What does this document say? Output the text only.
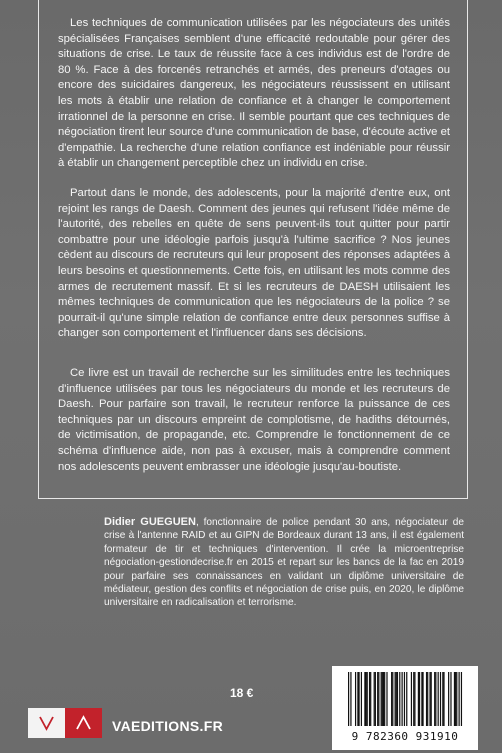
Les techniques de communication utilisées par les négociateurs des unités spécialisées Françaises semblent d'une efficacité redoutable pour gérer des situations de crise. Le taux de réussite face à ces individus est de l'ordre de 80 %. Face à des forcenés retranchés et armés, des preneurs d'otages ou encore des suicidaires dangereux, les négociateurs réussissent en utilisant les mots à établir une relation de confiance et à changer le comportement irrationnel de la personne en crise. Il semble pourtant que ces techniques de négociation tirent leur source d'une communication de base, d'écoute active et d'empathie. La recherche d'une relation confiance est indéniable pour réussir à établir un changement perceptible chez un individu en crise.

Partout dans le monde, des adolescents, pour la majorité d'entre eux, ont rejoint les rangs de Daesh. Comment des jeunes qui refusent l'idée même de l'autorité, des rebelles en quête de sens peuvent-ils tout quitter pour partir combattre pour une idéologie parfois jusqu'à l'ultime sacrifice ? Nos jeunes cèdent au discours de recruteurs qui leur proposent des réponses adaptées à leurs besoins et questionnements. Cette fois, en utilisant les mots comme des armes de recrutement massif. Et si les recruteurs de DAESH utilisaient les mêmes techniques de communication que les négociateurs de la police ? se pourrait-il qu'une simple relation de confiance entre deux personnes suffise à changer son comportement et l'influencer dans ses décisions.

Ce livre est un travail de recherche sur les similitudes entre les techniques d'influence utilisées par tous les négociateurs du monde et les recruteurs de Daesh. Pour parfaire son travail, le recruteur renforce la puissance de ces techniques par un discours empreint de complotisme, de hadiths détournés, de victimisation, de propagande, etc. Comprendre le fonctionnement de ce schéma d'influence aide, non pas à excuser, mais à comprendre comment nos adolescents peuvent embrasser une idéologie jusqu'au-boutiste.

Didier GUEGUEN, fonctionnaire de police pendant 30 ans, négociateur de crise à l'antenne RAID et au GIPN de Bordeaux durant 13 ans, il est également formateur de tir et techniques d'intervention. Il crée la microentreprise négociation-gestiondecrise.fr en 2015 et repart sur les bancs de la fac en 2019 pour parfaire ses connaissances en validant un diplôme universitaire de médiateur, gestion des conflits et négociation de crise puis, en 2020, le diplôme universitaire en radicalisation et terrorisme.

18 €
VAEDITIONS.FR
9 782360 931910
